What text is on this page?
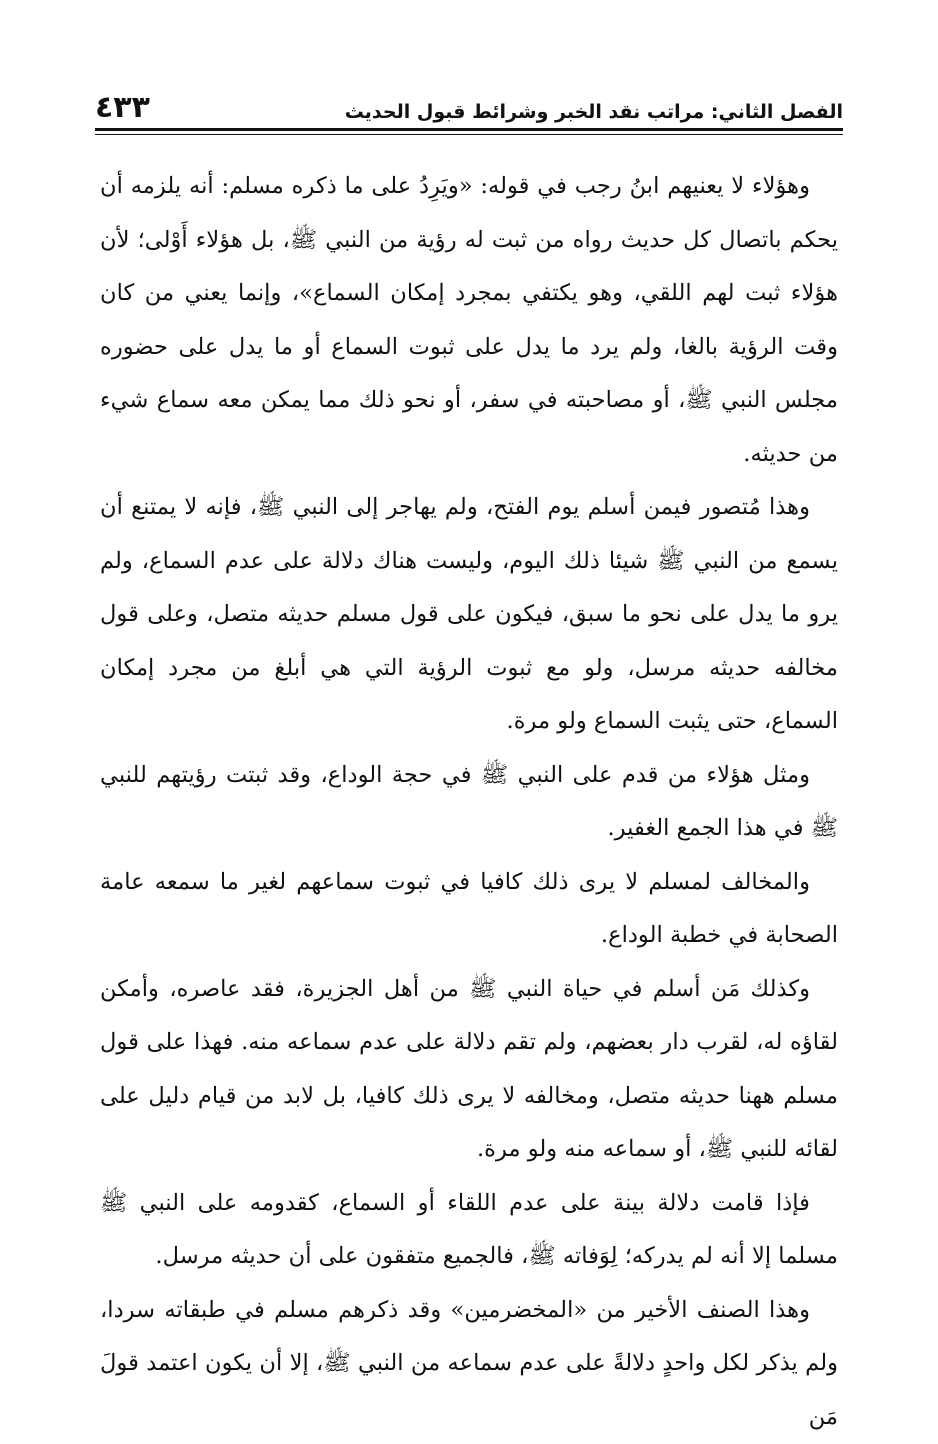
الفصل الثاني: مراتب نقد الخبر وشرائط قبول الحديث
٤٣٣

وهؤلاء لا يعنيهم ابنُ رجب في قوله: «ويَرِدُ على ما ذكره مسلم: أنه يلزمه أن يحكم باتصال كل حديث رواه من ثبت له رؤية من النبي ﷺ، بل هؤلاء أَوْلى؛ لأن هؤلاء ثبت لهم اللقي، وهو يكتفي بمجرد إمكان السماع»، وإنما يعني من كان وقت الرؤية بالغا، ولم يرد ما يدل على ثبوت السماع أو ما يدل على حضوره مجلس النبي ﷺ، أو مصاحبته في سفر، أو نحو ذلك مما يمكن معه سماع شيء من حديثه.

وهذا مُتصور فيمن أسلم يوم الفتح، ولم يهاجر إلى النبي ﷺ، فإنه لا يمتنع أن يسمع من النبي ﷺ شيئا ذلك اليوم، وليست هناك دلالة على عدم السماع، ولم يرو ما يدل على نحو ما سبق، فيكون على قول مسلم حديثه متصل، وعلى قول مخالفه حديثه مرسل، ولو مع ثبوت الرؤية التي هي أبلغ من مجرد إمكان السماع، حتى يثبت السماع ولو مرة.

ومثل هؤلاء من قدم على النبي ﷺ في حجة الوداع، وقد ثبتت رؤيتهم للنبي ﷺ في هذا الجمع الغفير.

والمخالف لمسلم لا يرى ذلك كافيا في ثبوت سماعهم لغير ما سمعه عامة الصحابة في خطبة الوداع.

وكذلك مَن أسلم في حياة النبي ﷺ من أهل الجزيرة، فقد عاصره، وأمكن لقاؤه له، لقرب دار بعضهم، ولم تقم دلالة على عدم سماعه منه. فهذا على قول مسلم ههنا حديثه متصل، ومخالفه لا يرى ذلك كافيا، بل لابد من قيام دليل على لقائه للنبي ﷺ، أو سماعه منه ولو مرة.

فإذا قامت دلالة بينة على عدم اللقاء أو السماع، كقدومه على النبي ﷺ مسلما إلا أنه لم يدركه؛ لِوَفاته ﷺ، فالجميع متفقون على أن حديثه مرسل.

وهذا الصنف الأخير من «المخضرمين» وقد ذكرهم مسلم في طبقاته سردا، ولم يذكر لكل واحدٍ دلالةً على عدم سماعه من النبي ﷺ، إلا أن يكون اعتمد قولَ مَن
